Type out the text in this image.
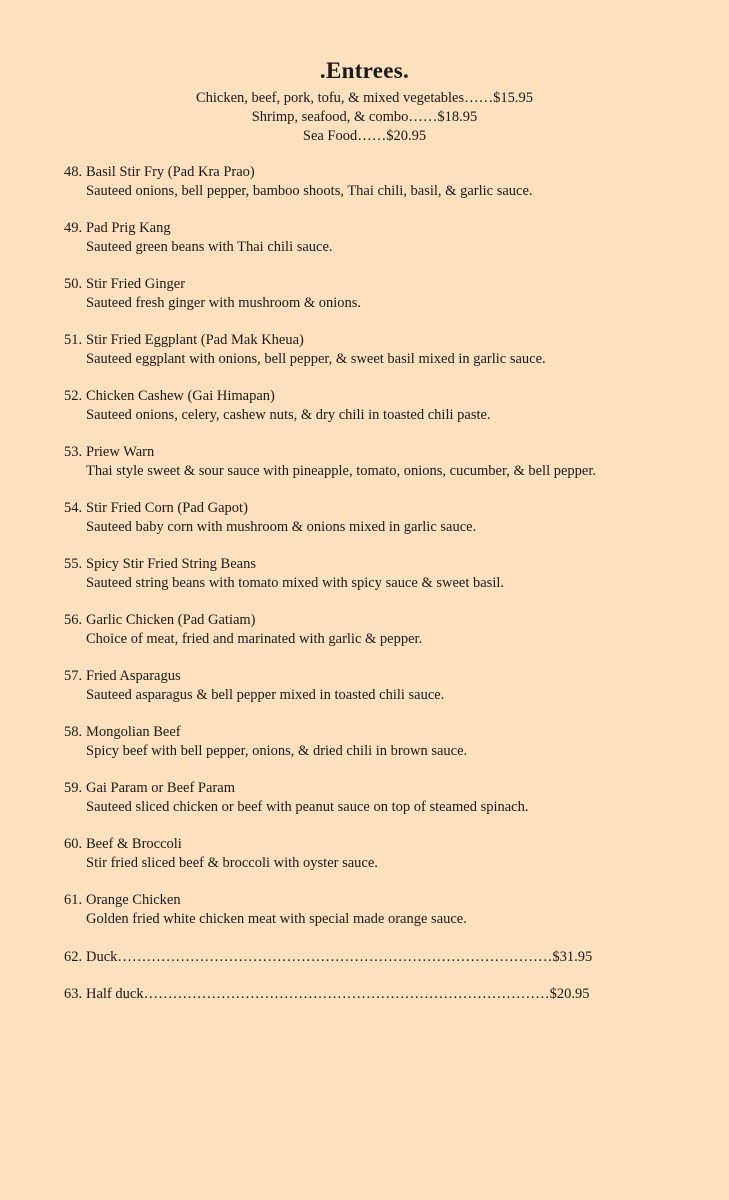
.Entrees.
Chicken, beef, pork, tofu, & mixed vegetables……$15.95
Shrimp, seafood, & combo……$18.95
Sea Food……$20.95
48. Basil Stir Fry (Pad Kra Prao)
Sauteed onions, bell pepper, bamboo shoots, Thai chili, basil, & garlic sauce.
49. Pad Prig Kang
Sauteed green beans with Thai chili sauce.
50. Stir Fried Ginger
Sauteed fresh ginger with mushroom & onions.
51. Stir Fried Eggplant (Pad Mak Kheua)
Sauteed eggplant with onions, bell pepper, & sweet basil mixed in garlic sauce.
52. Chicken Cashew (Gai Himapan)
Sauteed onions, celery, cashew nuts, & dry chili in toasted chili paste.
53. Priew Warn
Thai style sweet & sour sauce with pineapple, tomato, onions, cucumber, & bell pepper.
54. Stir Fried Corn (Pad Gapot)
Sauteed baby corn with mushroom & onions mixed in garlic sauce.
55. Spicy Stir Fried String Beans
Sauteed string beans with tomato mixed with spicy sauce & sweet basil.
56. Garlic Chicken (Pad Gatiam)
Choice of meat, fried and marinated with garlic & pepper.
57. Fried Asparagus
Sauteed asparagus & bell pepper mixed in toasted chili sauce.
58. Mongolian Beef
Spicy beef with bell pepper, onions, & dried chili in brown sauce.
59. Gai Param or Beef Param
Sauteed sliced chicken or beef with peanut sauce on top of steamed spinach.
60. Beef & Broccoli
Stir fried sliced beef & broccoli with oyster sauce.
61. Orange Chicken
Golden fried white chicken meat with special made orange sauce.
62. Duck………………………………………………………………………………$31.95
63. Half duck…………………………………………………………………………$20.95
